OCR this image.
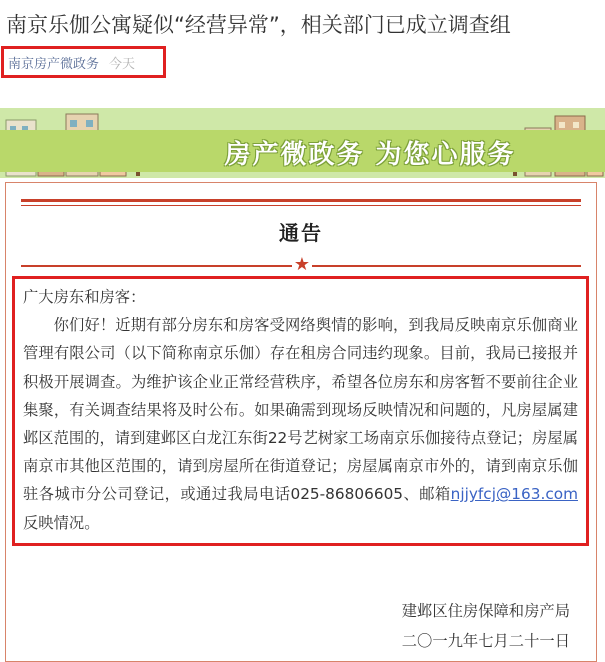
南京乐伽公寓疑似“经营异常”，相关部门已成立调查组
南京房产微政务 今天
房产微政务 为您心服务
通告
★
建邺区住房保障和房产局
二〇一九年七月二十一日

广大房东和房客：

你们好！近期有部分房东和房客受网络舆情的影响，到我局反映南京乐伽商业管理有限公司（以下简称南京乐伽）存在租房合同违约现象。目前，我局已接报并积极开展调查。为维护该企业正常经营秩序，希望各位房东和房客暂不要前往企业集聚，有关调查结果将及时公布。如果确需到现场反映情况和问题的，凡房屋属建邺区范围的，请到建邺区白龙江东街22号艺树家工场南京乐伽接待点登记；房屋属南京市其他区范围的，请到房屋所在街道登记；房屋属南京市外的，请到南京乐伽驻各城市分公司登记，或通过我局电话025-86806605、邮箱njjyfcj@163.com反映情况。
